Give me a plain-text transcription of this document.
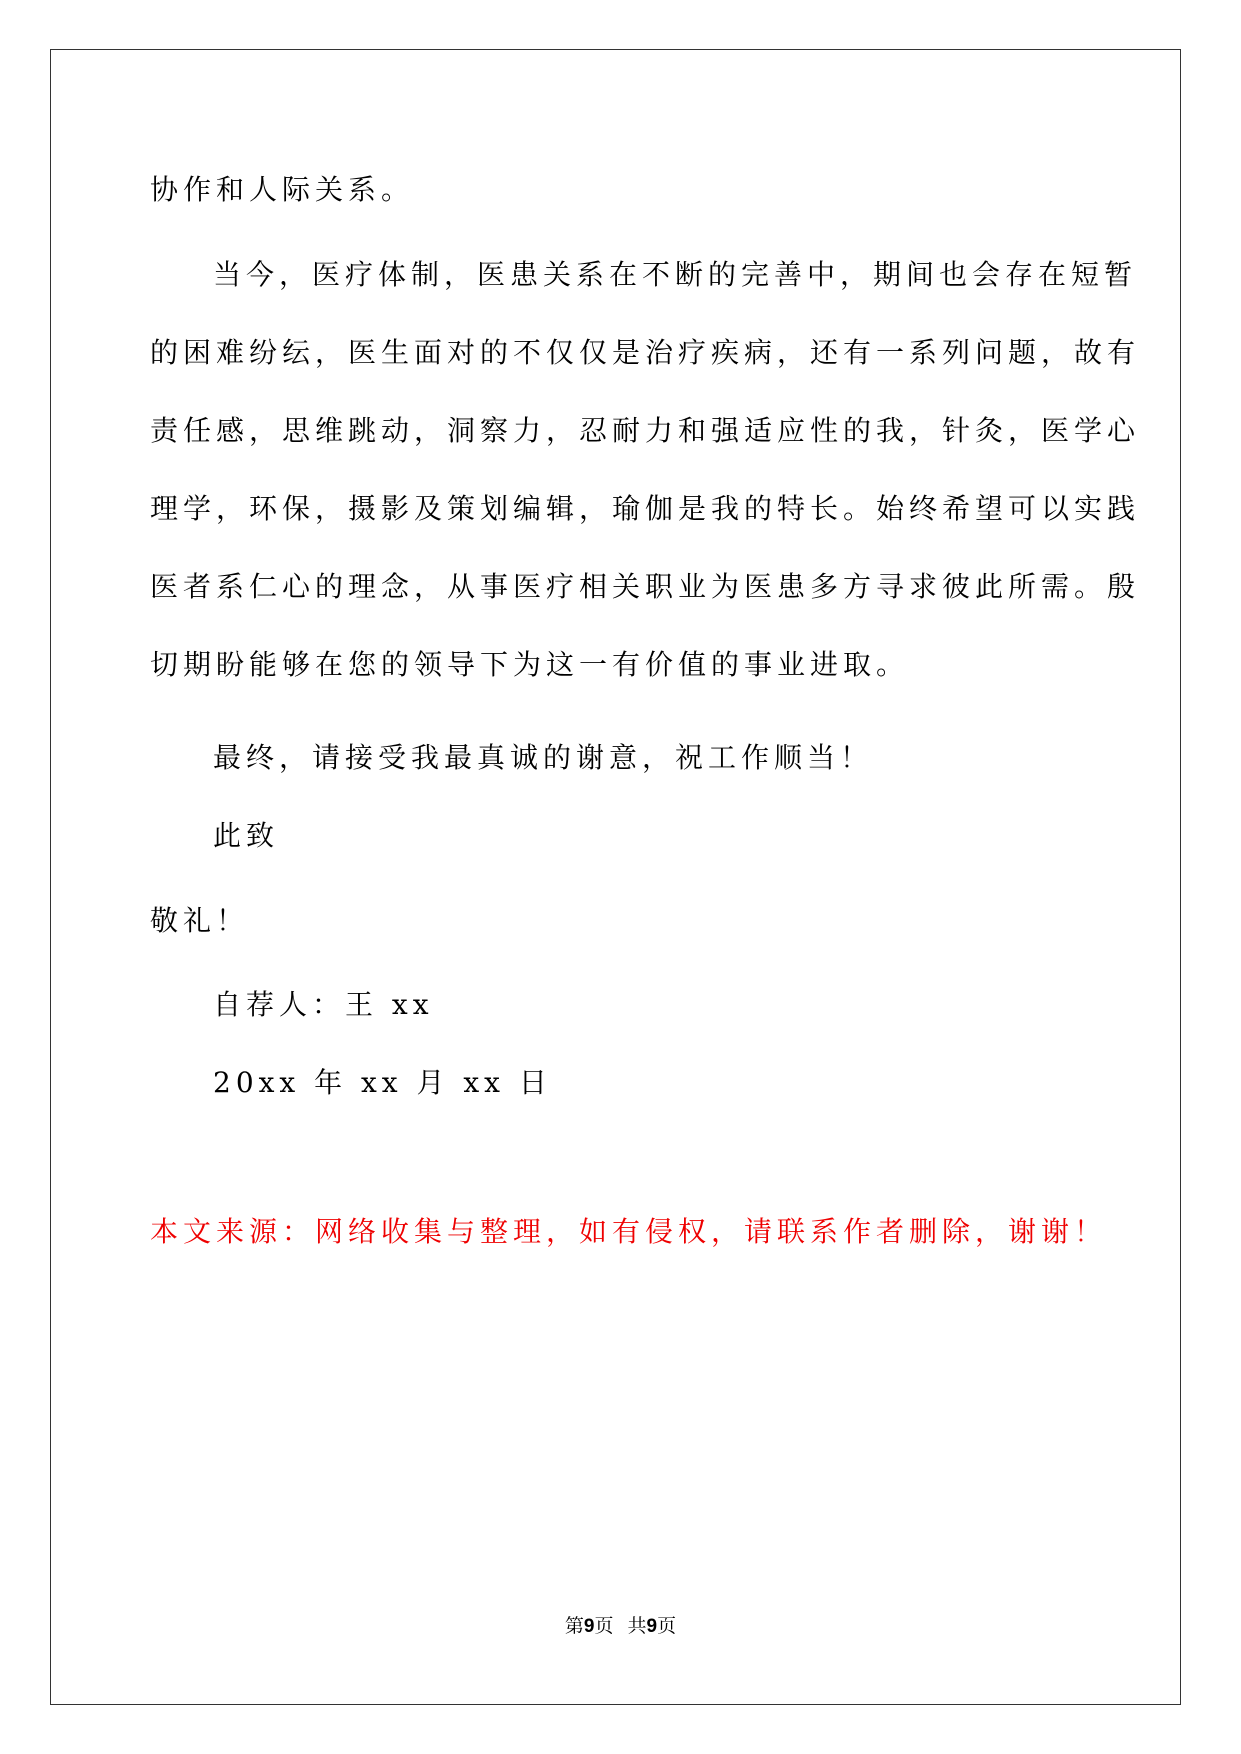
协作和人际关系。
当今，医疗体制，医患关系在不断的完善中，期间也会存在短暂
的困难纷纭，医生面对的不仅仅是治疗疾病，还有一系列问题，故有
责任感，思维跳动，洞察力，忍耐力和强适应性的我，针灸，医学心
理学，环保，摄影及策划编辑，瑜伽是我的特长。始终希望可以实践
医者系仁心的理念，从事医疗相关职业为医患多方寻求彼此所需。殷
切期盼能够在您的领导下为这一有价值的事业进取。
最终，请接受我最真诚的谢意，祝工作顺当！
此致
敬礼！
自荐人：王 xx
20xx 年 xx 月 xx 日
本文来源：网络收集与整理，如有侵权，请联系作者删除，谢谢！
第9页 共9页
